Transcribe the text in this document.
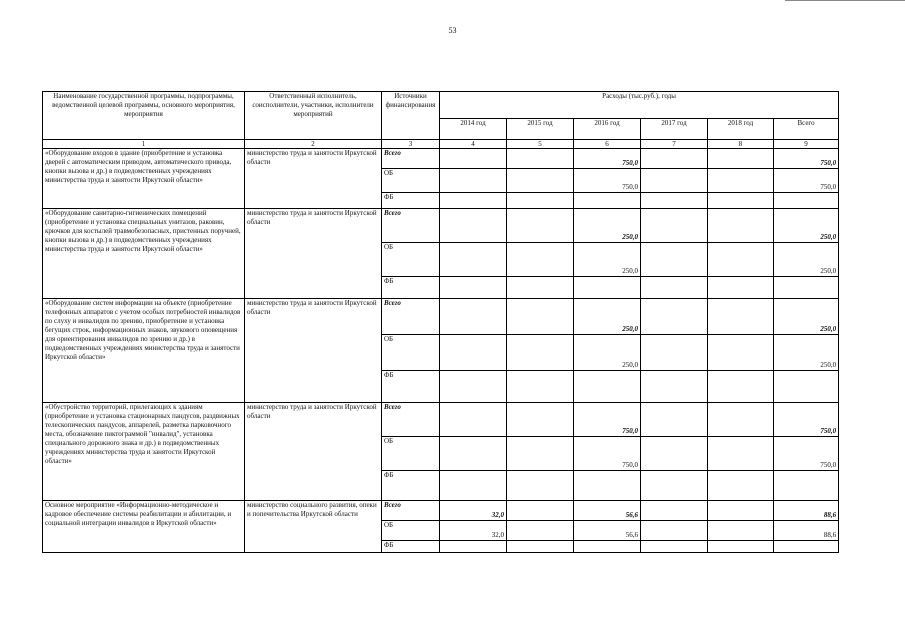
53
Наименование государственной программы, подпрограммы, ведомственной целевой программы, основного мероприятия, мероприятия	Ответственный исполнитель, соисполнители, участники, исполнители мероприятий	Источники финансирования	Расходы (тыс.руб.), годы					
			2014 год	2015 год	2016 год	2017 год	2018 год	Всего
1	2	3	4	5	6	7	8	9
«Оборудование входов в здание (приобретение и установка дверей с автоматическим приводом, автоматического привода, кнопки вызова и др.) в подведомственных учреждениях министерства труда и занятости Иркутской области»	министерство труда и занятости Иркутской области	Всего			750,0			750,0
		ОБ			750,0			750,0
		ФБ						
«Оборудование санитарно-гигиенических помещений (приобретение и установка специальных унитазов, раковин, крючков для костылей травмобезопасных, пристенных поручней, кнопки вызова и др.) в подведомственных учреждениях министерства труда и занятости Иркутской области»	министерство труда и занятости Иркутской области	Всего			250,0			250,0
		ОБ			250,0			250,0
		ФБ						
«Оборудование систем информации на объекте (приобретение телефонных аппаратов с учетом особых потребностей инвалидов по слуху и инвалидов по зрению, приобретение и установка бегущих строк, информационных знаков, звукового оповещения для ориентирования инвалидов по зрению и др.) в подведомственных учреждениях министерства труда и занятости Иркутской области»	министерство труда и занятости Иркутской области	Всего			250,0			250,0
		ОБ			250,0			250,0
		ФБ						
«Обустройство территорий, прилегающих к зданиям (приобретение и установка стационарных пандусов, раздвижных телескопических пандусов, аппарелей, разметка парковочного места, обозначение пиктограммой "инвалид", установка специального дорожного знака и др.) в подведомственных учреждениях министерства труда и занятости Иркутской области»	министерство труда и занятости Иркутской области	Всего			750,0			750,0
		ОБ			750,0			750,0
		ФБ						
Основное мероприятие «Информационно-методическое и кадровое обеспечение системы реабилитации и абилитации, и социальной интеграции инвалидов в Иркутской области»	министерство социального развития, опеки и попечительства Иркутской области	Всего	32,0		56,6			88,6
		ОБ	32,0		56,6			88,6
		ФБ						
